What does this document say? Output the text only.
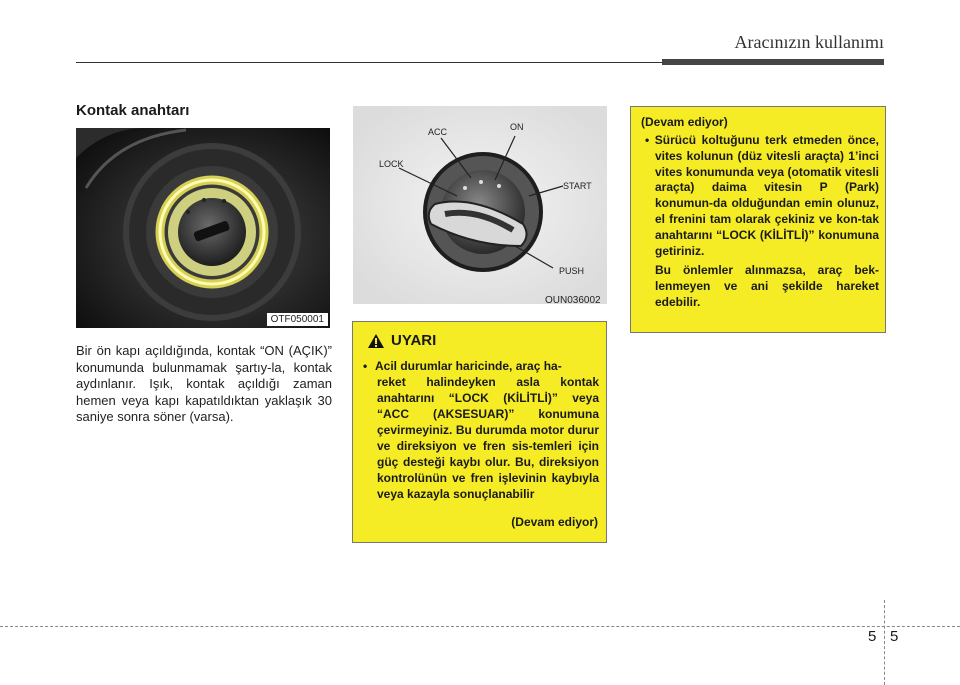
Aracınızın kullanımı
Kontak anahtarı
OTF050001
Bir ön kapı açıldığında, kontak “ON (AÇIK)” konumunda bulunmamak şartıy-la, kontak aydınlanır. Işık, kontak açıldığı zaman hemen veya kapı kapatıldıktan yaklaşık 30 saniye sonra söner (varsa).
ACC	ON
LOCK
START
PUSH
OUN036002
UYARI
• Acil durumlar haricinde, araç ha-
reket halindeyken asla kontak anahtarını “LOCK (KİLİTLİ)” veya “ACC (AKSESUAR)” konumuna çevirmeyiniz. Bu durumda motor durur ve direksiyon ve fren sis-temleri için güç desteği kaybı olur. Bu, direksiyon kontrolünün ve fren işlevinin kaybıyla veya kazayla sonuçlanabilir
(Devam ediyor)
(Devam ediyor)

• Sürücü koltuğunu terk etmeden önce, vites kolunun (düz vitesli araçta) 1’inci vites konumunda veya (otomatik vitesli araçta) daima vitesin P (Park) konumun-da olduğundan emin olunuz, el frenini tam olarak çekiniz ve kon-tak anahtarını “LOCK (KİLİTLİ)” konumuna getiriniz.

Bu önlemler alınmazsa, araç bek-lenmeyen ve ani şekilde hareket edebilir.

5 5
